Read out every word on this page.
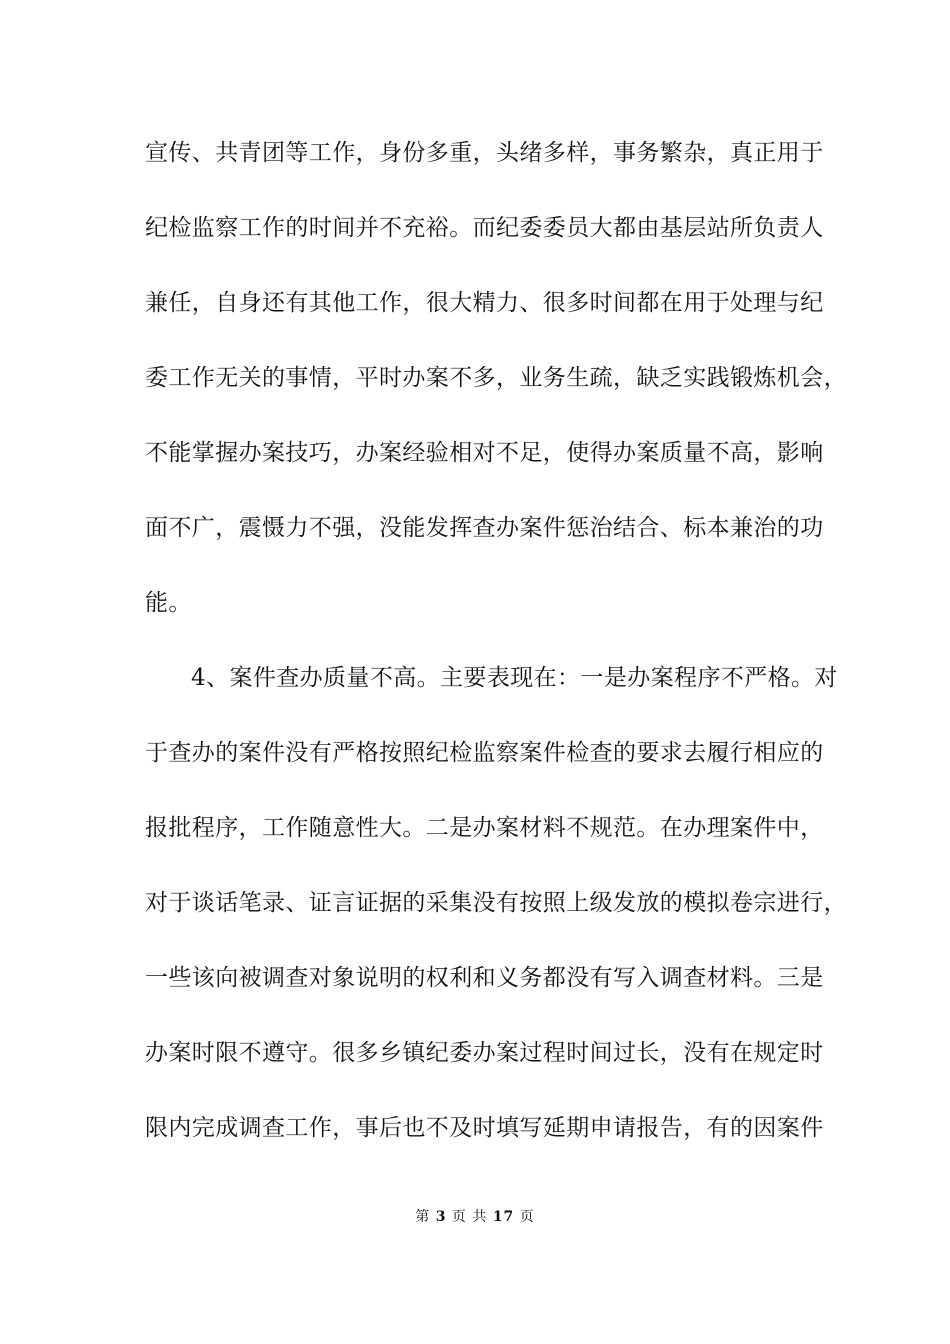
宣传、共青团等工作，身份多重，头绪多样，事务繁杂，真正用于
纪检监察工作的时间并不充裕。而纪委委员大都由基层站所负责人
兼任，自身还有其他工作，很大精力、很多时间都在用于处理与纪
委工作无关的事情，平时办案不多，业务生疏，缺乏实践锻炼机会，
不能掌握办案技巧，办案经验相对不足，使得办案质量不高，影响
面不广，震慑力不强，没能发挥查办案件惩治结合、标本兼治的功
能。
4、案件查办质量不高。主要表现在：一是办案程序不严格。对
于查办的案件没有严格按照纪检监察案件检查的要求去履行相应的
报批程序，工作随意性大。二是办案材料不规范。在办理案件中，
对于谈话笔录、证言证据的采集没有按照上级发放的模拟卷宗进行，
一些该向被调查对象说明的权利和义务都没有写入调查材料。三是
办案时限不遵守。很多乡镇纪委办案过程时间过长，没有在规定时
限内完成调查工作，事后也不及时填写延期申请报告，有的因案件
第 3 页 共 17 页
